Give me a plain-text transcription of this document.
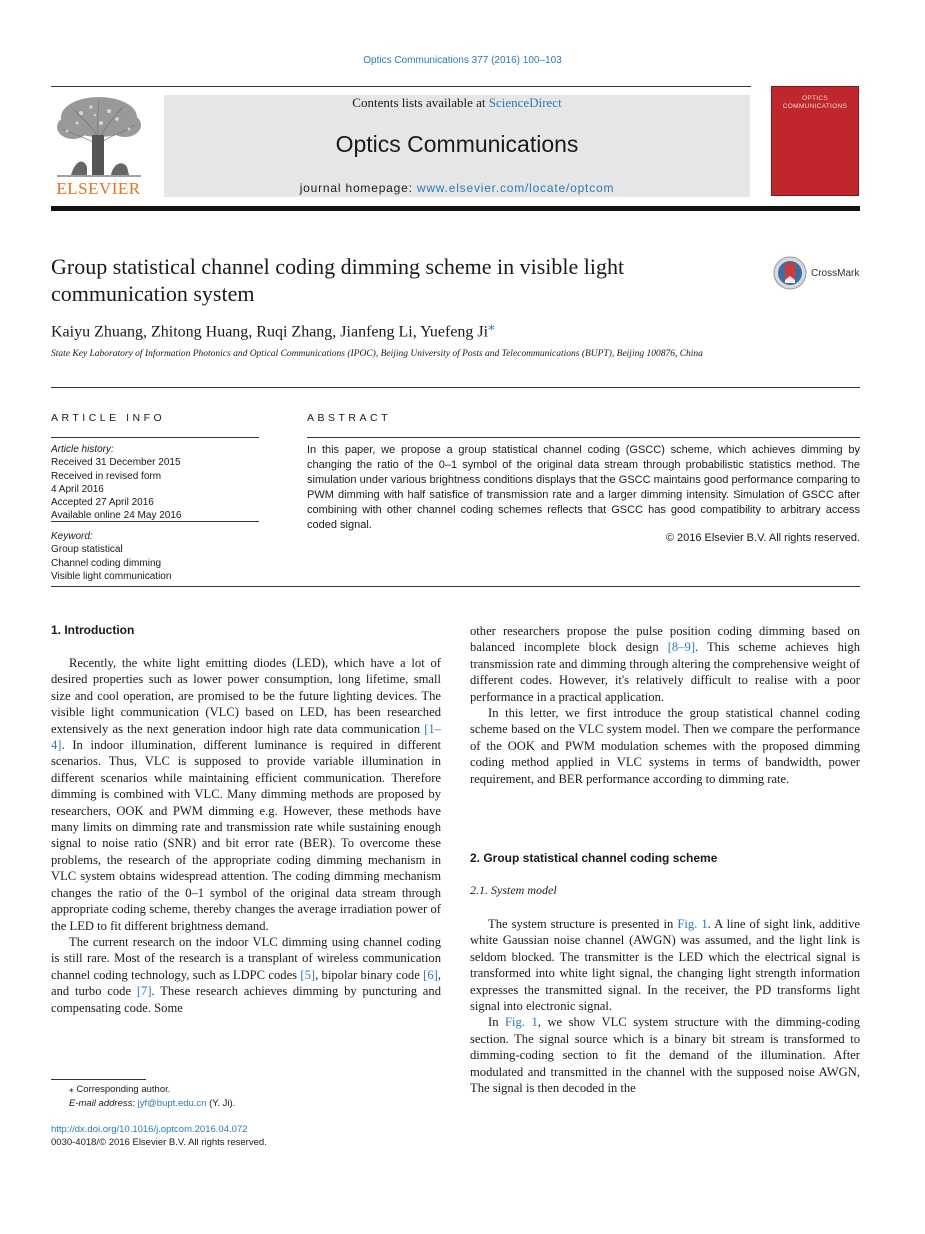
Optics Communications 377 (2016) 100–103
ELSEVIER
Contents lists available at ScienceDirect
Optics Communications
journal homepage: www.elsevier.com/locate/optcom
OPTICS COMMUNICATIONS
Group statistical channel coding dimming scheme in visible light communication system
CrossMark
Kaiyu Zhuang, Zhitong Huang, Ruqi Zhang, Jianfeng Li, Yuefeng Ji⁎
State Key Laboratory of Information Photonics and Optical Communications (IPOC), Beijing University of Posts and Telecommunications (BUPT), Beijing 100876, China
ARTICLE INFO	ABSTRACT
Article history:
Received 31 December 2015
Received in revised form
4 April 2016
Accepted 27 April 2016
Available online 24 May 2016
Keyword:
Group statistical
Channel coding dimming
Visible light communication
In this paper, we propose a group statistical channel coding (GSCC) scheme, which achieves dimming by changing the ratio of the 0–1 symbol of the original data stream through probabilistic statistics method. The simulation under various brightness conditions displays that the GSCC maintains good performance comparing to PWM dimming with half satisfice of transmission rate and a larger dimming intensity. Simulation of GSCC after combining with other channel coding schemes reflects that GSCC has good compatibility to arbitrary access coded signal.
© 2016 Elsevier B.V. All rights reserved.
1. Introduction

Recently, the white light emitting diodes (LED), which have a lot of desired properties such as lower power consumption, long lifetime, small size and cool operation, are promised to be the future lighting devices. The visible light communication (VLC) based on LED, has been researched extensively as the next generation indoor high rate data communication [1–4]. In indoor illumination, different luminance is required in different scenarios. Thus, VLC is supposed to provide variable illumination in different scenarios while maintaining efficient communication. Therefore dimming is combined with VLC. Many dimming methods are proposed by researchers, OOK and PWM dimming e.g. However, these methods have many limits on dimming rate and transmission rate while sustaining enough signal to noise ratio (SNR) and bit error rate (BER). To overcome these problems, the research of the appropriate coding dimming mechanism in VLC system obtains widespread attention. The coding dimming mechanism changes the ratio of the 0–1 symbol of the original data stream through appropriate coding scheme, thereby changes the average irradiation power of the LED to fit different brightness demand.

The current research on the indoor VLC dimming using channel coding is still rare. Most of the research is a transplant of wireless communication channel coding technology, such as LDPC codes [5], bipolar binary code [6], and turbo code [7]. These research achieves dimming by puncturing and compensating code. Some

other researchers propose the pulse position coding dimming based on balanced incomplete block design [8–9]. This scheme achieves high transmission rate and dimming through altering the comprehensive weight of different codes. However, it's relatively difficult to realise with a poor performance in a practical application.

In this letter, we first introduce the group statistical channel coding scheme based on the VLC system model. Then we compare the performance of the OOK and PWM modulation schemes with the proposed dimming coding method applied in VLC systems in terms of bandwidth, power requirement, and BER performance according to dimming rate.

2. Group statistical channel coding scheme
2.1. System model

The system structure is presented in Fig. 1. A line of sight link, additive white Gaussian noise channel (AWGN) was assumed, and the light link is seldom blocked. The transmitter is the LED which the electrical signal is transformed into white light signal, the changing light strength information expresses the transmitted signal. In the receiver, the PD transforms light signal into electronic signal.

In Fig. 1, we show VLC system structure with the dimming-coding section. The signal source which is a binary bit stream is transformed to dimming-coding section to fit the demand of the illumination. After modulated and transmitted in the channel with the supposed noise AWGN, The signal is then decoded in the

⁎ Corresponding author.
E-mail address: jyf@bupt.edu.cn (Y. Ji).
http://dx.doi.org/10.1016/j.optcom.2016.04.072
0030-4018/© 2016 Elsevier B.V. All rights reserved.
